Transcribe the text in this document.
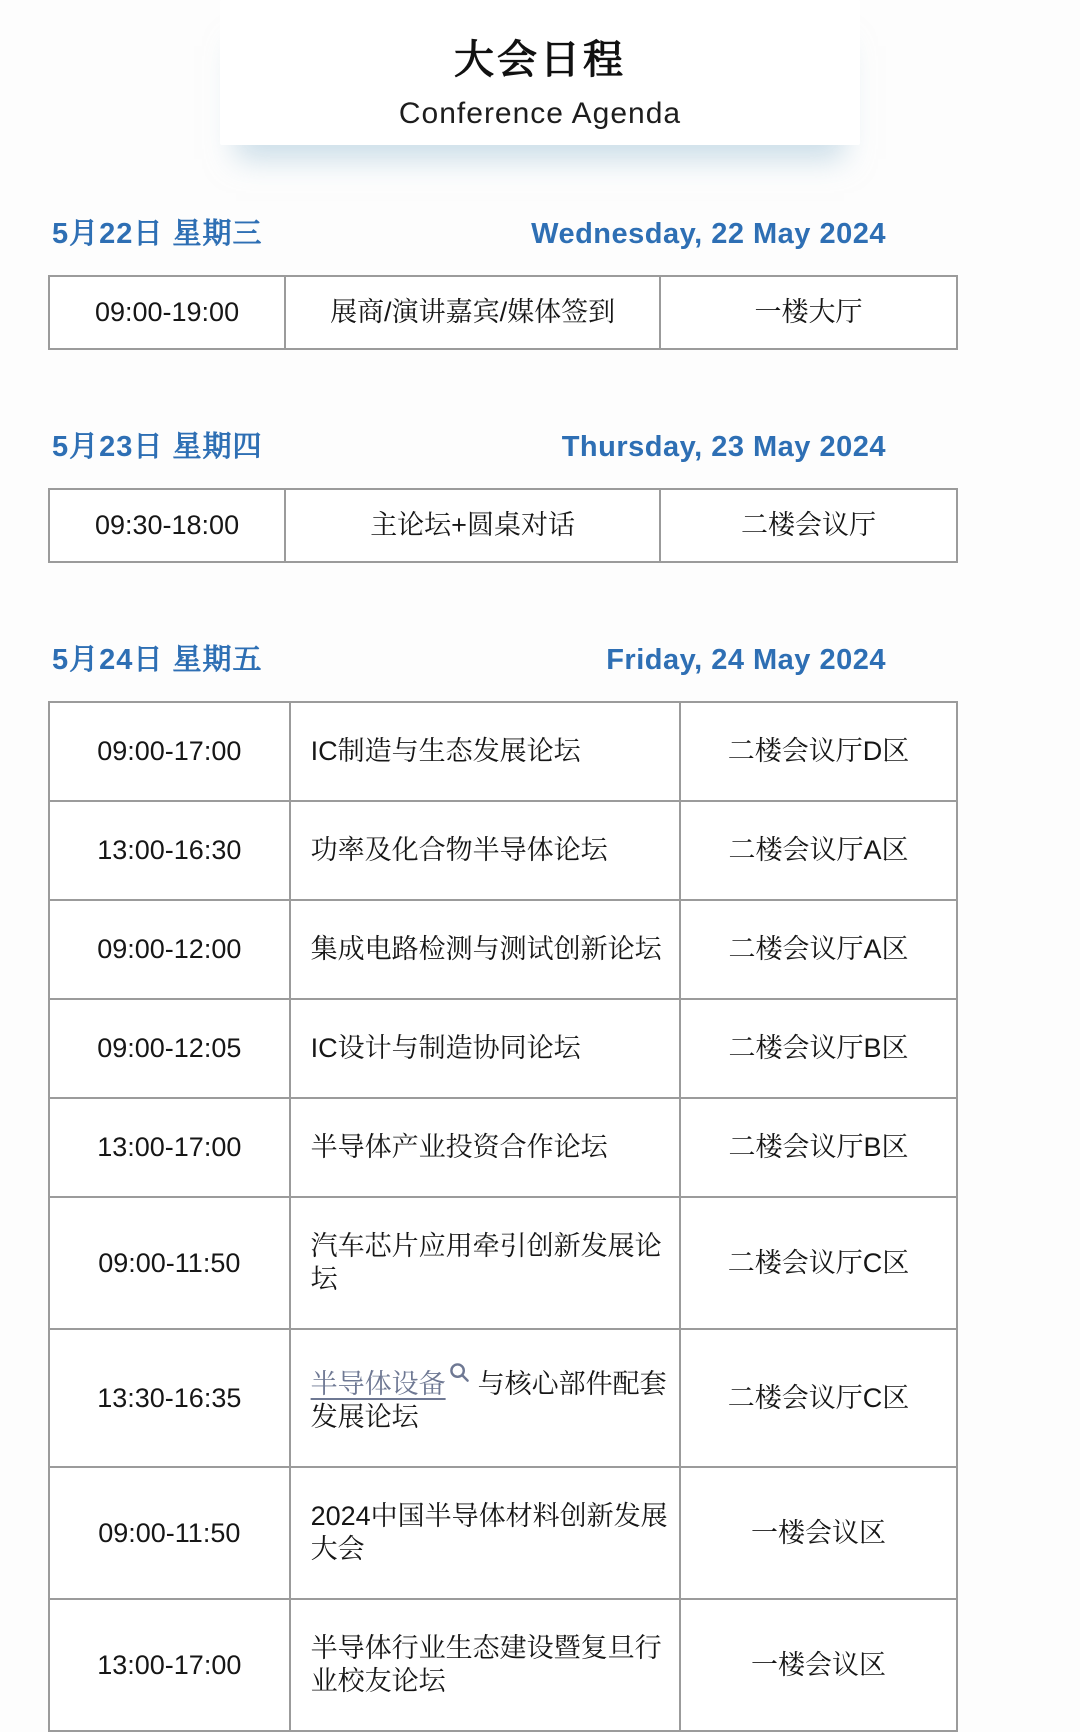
大会日程
Conference Agenda
5月22日 星期三	Wednesday, 22 May 2024
09:00-19:00	展商/演讲嘉宾/媒体签到	一楼大厅
5月23日 星期四	Thursday, 23 May 2024
09:30-18:00	主论坛+圆桌对话	二楼会议厅
5月24日 星期五	Friday, 24 May 2024
09:00-17:00	IC制造与生态发展论坛	二楼会议厅D区
13:00-16:30	功率及化合物半导体论坛	二楼会议厅A区
09:00-12:00	集成电路检测与测试创新论坛	二楼会议厅A区
09:00-12:05	IC设计与制造协同论坛	二楼会议厅B区
13:00-17:00	半导体产业投资合作论坛	二楼会议厅B区
09:00-11:50	汽车芯片应用牵引创新发展论坛	二楼会议厅C区
13:30-16:35	半导体设备 与核心部件配套发展论坛	二楼会议厅C区
09:00-11:50	2024中国半导体材料创新发展大会	一楼会议区
13:00-17:00	半导体行业生态建设暨复旦行业校友论坛	一楼会议区
